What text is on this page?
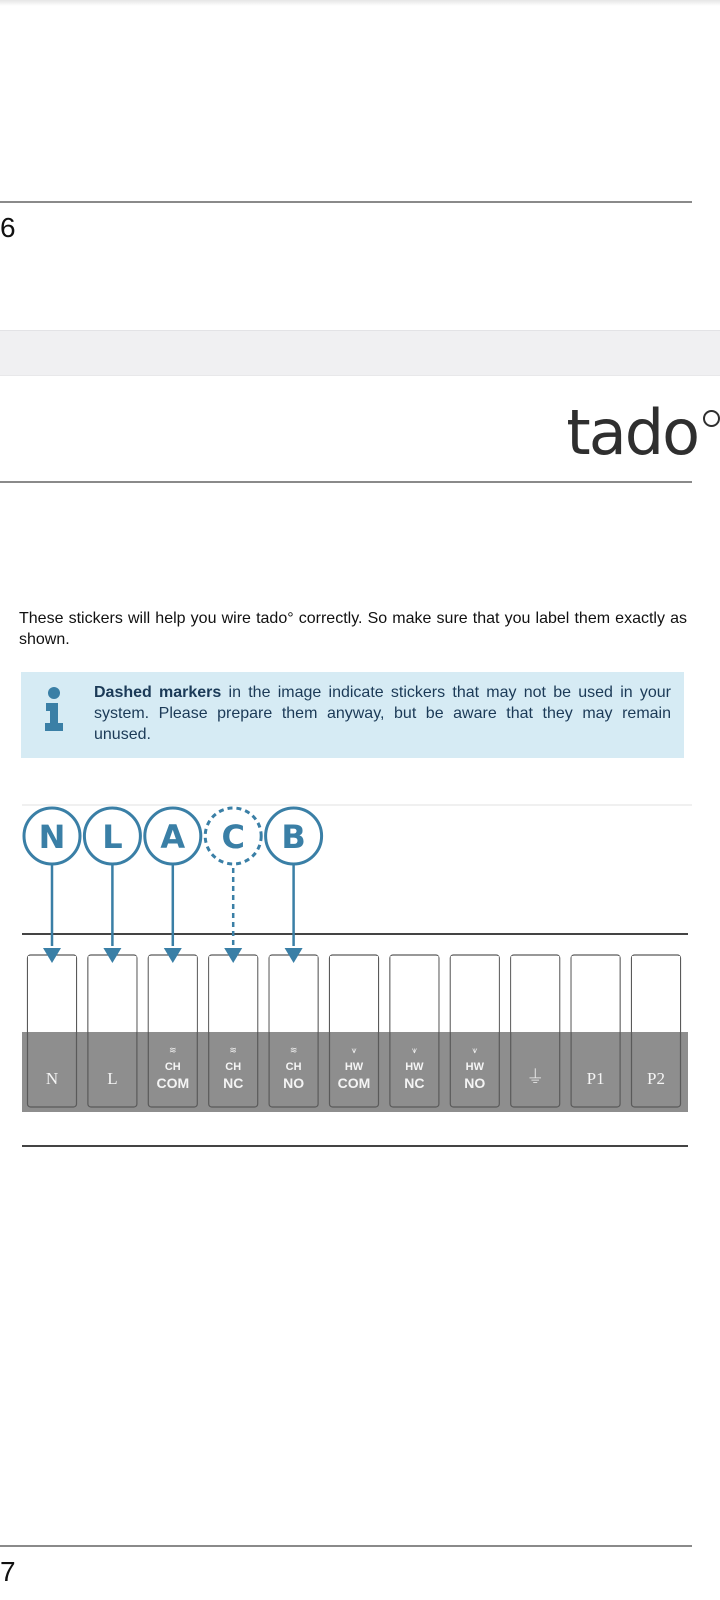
6
tado
These stickers will help you wire tado° correctly. So make sure that you label them exactly as shown.
Dashed markers in the image indicate stickers that may not be used in your system. Please prepare them anyway, but be aware that they may remain unused.
N	L
≋
CH
COM
≋
CH
NC
≋
CH
NO
⩛
HW
COM
⩛
HW
NC
⩛
HW
NO ⏚ P1 P2
N L A C B
7
